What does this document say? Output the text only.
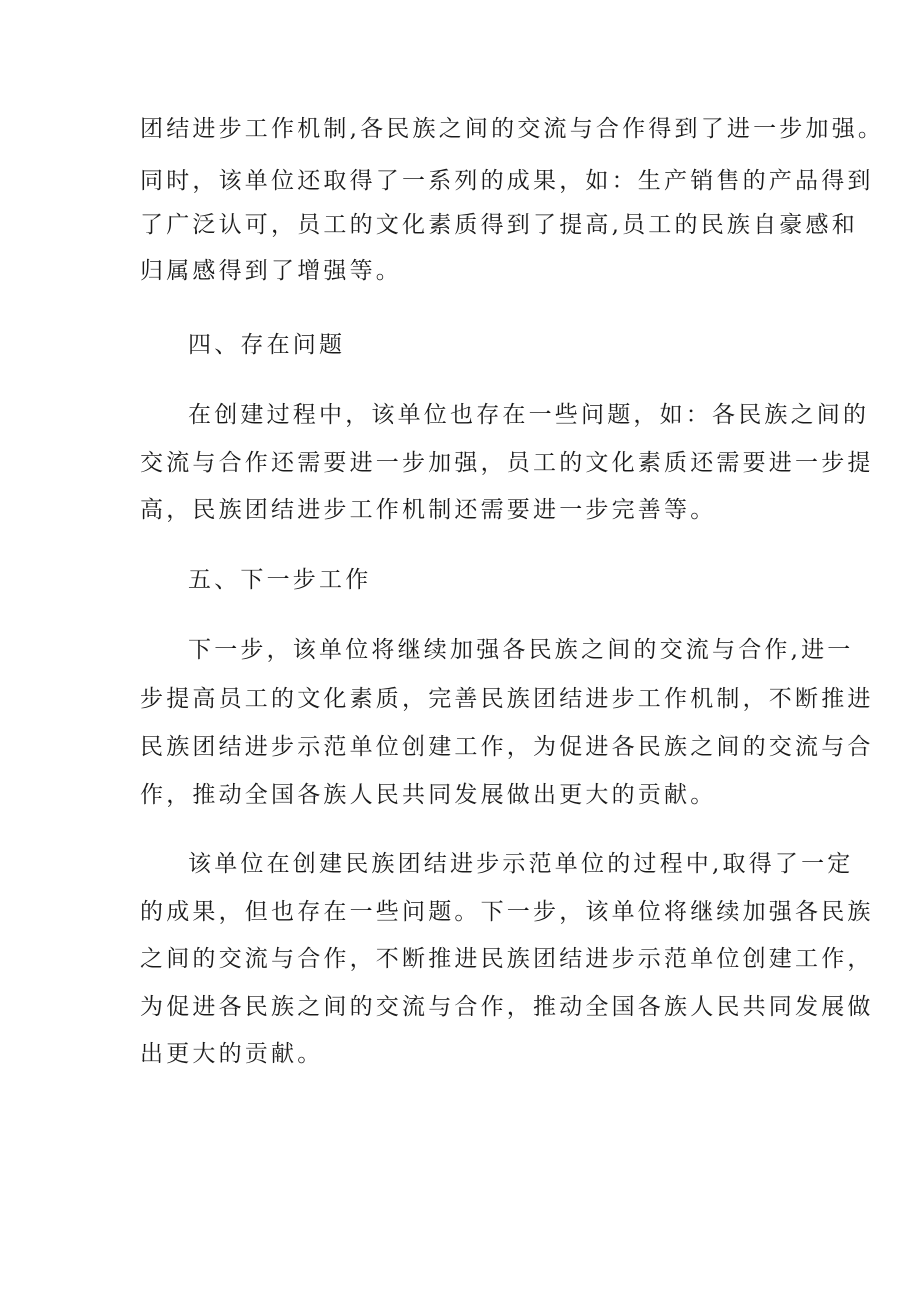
团结进步工作机制,各民族之间的交流与合作得到了进一步加强。

同时，该单位还取得了一系列的成果，如：生产销售的产品得到

了广泛认可，员工的文化素质得到了提高,员工的民族自豪感和

归属感得到了增强等。

四、存在问题

在创建过程中，该单位也存在一些问题，如：各民族之间的

交流与合作还需要进一步加强，员工的文化素质还需要进一步提

高，民族团结进步工作机制还需要进一步完善等。

五、下一步工作

下一步，该单位将继续加强各民族之间的交流与合作,进一

步提高员工的文化素质，完善民族团结进步工作机制，不断推进

民族团结进步示范单位创建工作，为促进各民族之间的交流与合

作，推动全国各族人民共同发展做出更大的贡献。

该单位在创建民族团结进步示范单位的过程中,取得了一定

的成果，但也存在一些问题。下一步，该单位将继续加强各民族

之间的交流与合作，不断推进民族团结进步示范单位创建工作，

为促进各民族之间的交流与合作，推动全国各族人民共同发展做

出更大的贡献。
